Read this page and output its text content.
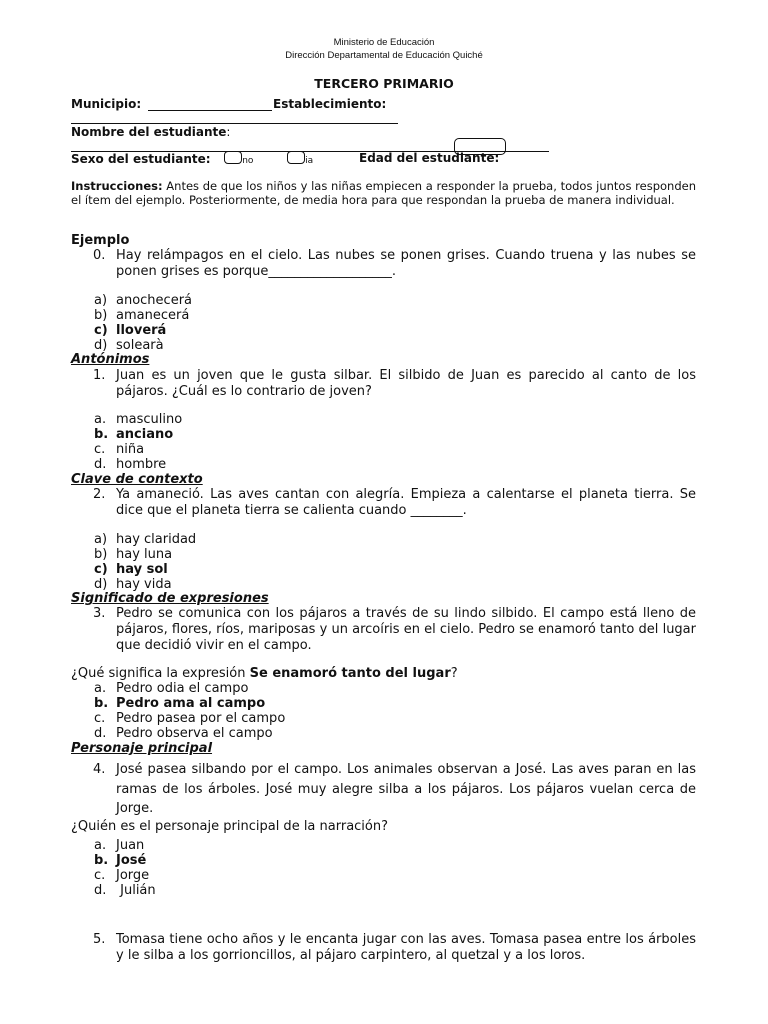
Ministerio de Educación
Dirección Departamental de Educación Quiché
TERCERO PRIMARIO
Municipio:	Establecimiento:
Nombre del estudiante:
Sexo del estudiante:	no	ia	Edad del estudiante:
Instrucciones: Antes de que los niños y las niñas empiecen a responder la prueba, todos juntos responden el ítem del ejemplo. Posteriormente, de media hora para que respondan la prueba de manera individual.
Ejemplo
0. Hay relámpagos en el cielo. Las nubes se ponen grises. Cuando truena y las nubes se ponen grises es porque___________________.
a) anochecerá
b) amanecerá
c) lloverá
d) solearà
Antónimos
1. Juan es un joven que le gusta silbar. El silbido de Juan es parecido al canto de los pájaros. ¿Cuál es lo contrario de joven?
a. masculino
b. anciano
c. niña
d. hombre
Clave de contexto
2. Ya amaneció. Las aves cantan con alegría. Empieza a calentarse el planeta tierra. Se dice que el planeta tierra se calienta cuando ________.
a) hay claridad
b) hay luna
c) hay sol
d) hay vida
Significado de expresiones
3. Pedro se comunica con los pájaros a través de su lindo silbido. El campo está lleno de pájaros, flores, ríos, mariposas y un arcoíris en el cielo. Pedro se enamoró tanto del lugar que decidió vivir en el campo.
¿Qué significa la expresión Se enamoró tanto del lugar?
a. Pedro odia el campo
b. Pedro ama al campo
c. Pedro pasea por el campo
d. Pedro observa el campo
Personaje principal
4. José pasea silbando por el campo. Los animales observan a José. Las aves paran en las ramas de los árboles. José muy alegre silba a los pájaros. Los pájaros vuelan cerca de Jorge.
¿Quién es el personaje principal de la narración?
a. Juan
b. José
c. Jorge
d. Julián
5. Tomasa tiene ocho años y le encanta jugar con las aves. Tomasa pasea entre los árboles y le silba a los gorrioncillos, al pájaro carpintero, al quetzal y a los loros.
